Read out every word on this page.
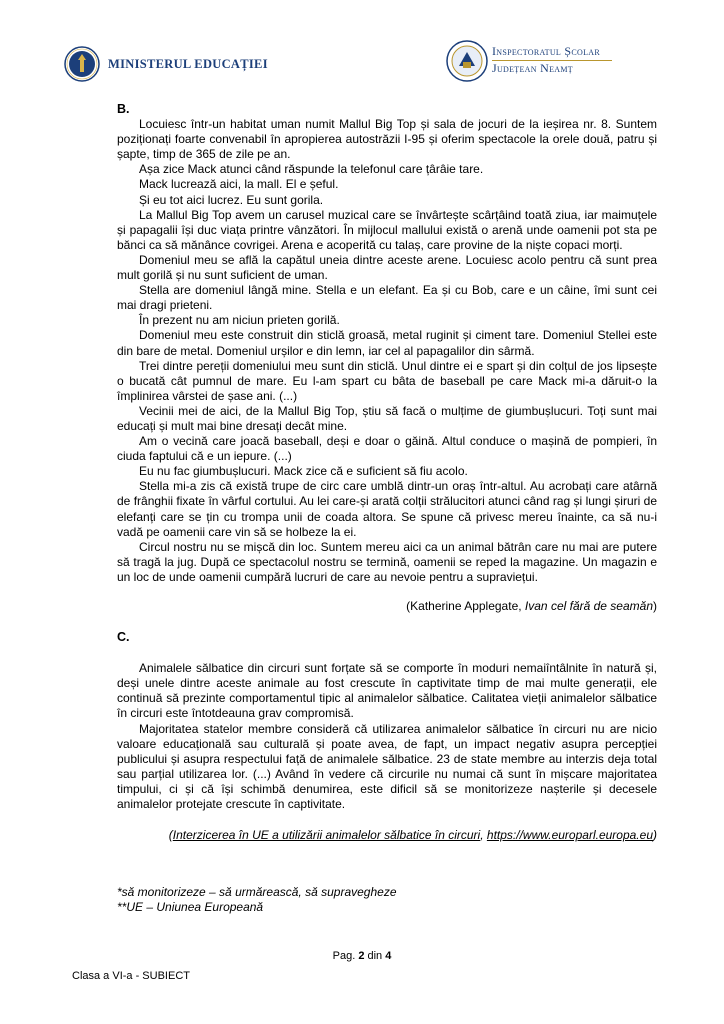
MINISTERUL EDUCAȚIEI
Inspectoratul Școlar
Județean Neamț
B.

Locuiesc într-un habitat uman numit Mallul Big Top și sala de jocuri de la ieșirea nr. 8. Suntem poziționați foarte convenabil în apropierea autostrăzii I-95 și oferim spectacole la orele două, patru și șapte, timp de 365 de zile pe an.

Așa zice Mack atunci când răspunde la telefonul care țârâie tare.

Mack lucrează aici, la mall. El e șeful.

Și eu tot aici lucrez. Eu sunt gorila.

La Mallul Big Top avem un carusel muzical care se învârtește scârțâind toată ziua, iar maimuțele și papagalii își duc viața printre vânzători. În mijlocul mallului există o arenă unde oamenii pot sta pe bănci ca să mănânce covrigei. Arena e acoperită cu talaș, care provine de la niște copaci morți.

Domeniul meu se află la capătul uneia dintre aceste arene. Locuiesc acolo pentru că sunt prea mult gorilă și nu sunt suficient de uman.

Stella are domeniul lângă mine. Stella e un elefant. Ea și cu Bob, care e un câine, îmi sunt cei mai dragi prieteni.

În prezent nu am niciun prieten gorilă.

Domeniul meu este construit din sticlă groasă, metal ruginit și ciment tare. Domeniul Stellei este din bare de metal. Domeniul urșilor e din lemn, iar cel al papagalilor din sârmă.

Trei dintre pereții domeniului meu sunt din sticlă. Unul dintre ei e spart și din colțul de jos lipsește o bucată cât pumnul de mare. Eu l-am spart cu bâta de baseball pe care Mack mi-a dăruit-o la împlinirea vârstei de șase ani. (...)

Vecinii mei de aici, de la Mallul Big Top, știu să facă o mulțime de giumbușlucuri. Toți sunt mai educați și mult mai bine dresați decât mine.

Am o vecină care joacă baseball, deși e doar o găină. Altul conduce o mașină de pompieri, în ciuda faptului că e un iepure. (...)

Eu nu fac giumbușlucuri. Mack zice că e suficient să fiu acolo.

Stella mi-a zis că există trupe de circ care umblă dintr-un oraș într-altul. Au acrobați care atârnă de frânghii fixate în vârful cortului. Au lei care-și arată colții strălucitori atunci când rag și lungi șiruri de elefanți care se țin cu trompa unii de coada altora. Se spune că privesc mereu înainte, ca să nu-i vadă pe oamenii care vin să se holbeze la ei.

Circul nostru nu se mișcă din loc. Suntem mereu aici ca un animal bătrân care nu mai are putere să tragă la jug. După ce spectacolul nostru se termină, oamenii se reped la magazine. Un magazin e un loc de unde oamenii cumpără lucruri de care au nevoie pentru a supraviețui.

(Katherine Applegate, Ivan cel fără de seamăn)

C.

Animalele sălbatice din circuri sunt forțate să se comporte în moduri nemaiîntâlnite în natură și, deși unele dintre aceste animale au fost crescute în captivitate timp de mai multe generații, ele continuă să prezinte comportamentul tipic al animalelor sălbatice. Calitatea vieții animalelor sălbatice în circuri este întotdeauna grav compromisă.

Majoritatea statelor membre consideră că utilizarea animalelor sălbatice în circuri nu are nicio valoare educațională sau culturală și poate avea, de fapt, un impact negativ asupra percepției publicului și asupra respectului față de animalele sălbatice. 23 de state membre au interzis deja total sau parțial utilizarea lor. (...) Având în vedere că circurile nu numai că sunt în mișcare majoritatea timpului, ci și că își schimbă denumirea, este dificil să se monitorizeze nașterile și decesele animalelor protejate crescute în captivitate.

(Interzicerea în UE a utilizării animalelor sălbatice în circuri, https://www.europarl.europa.eu)

*să monitorizeze – să urmărească, să supravegheze
**UE – Uniunea Europeană
Pag. 2 din 4
Clasa a VI-a - SUBIECT
